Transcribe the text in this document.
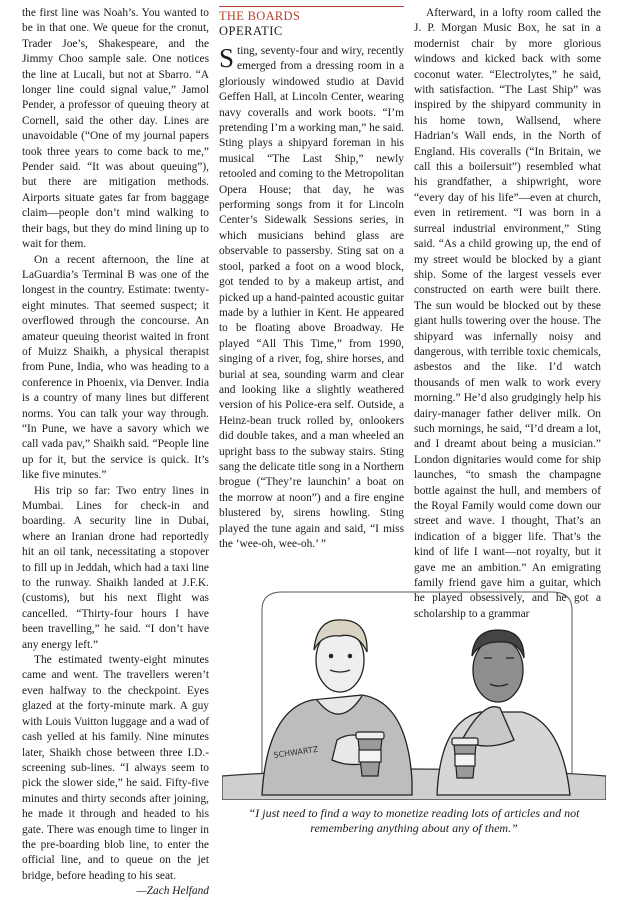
the first line was Noah’s. You wanted to be in that one. We queue for the cronut, Trader Joe’s, Shakespeare, and the Jimmy Choo sample sale. One notices the line at Lucali, but not at Sbarro. “A longer line could signal value,” Jamol Pender, a professor of queuing theory at Cornell, said the other day. Lines are unavoidable (“One of my journal papers took three years to come back to me,” Pender said. “It was about queuing”), but there are mitigation methods. Airports situate gates far from baggage claim—people don’t mind walking to their bags, but they do mind lining up to wait for them.

On a recent afternoon, the line at LaGuardia’s Terminal B was one of the longest in the country. Estimate: twenty-eight minutes. That seemed suspect; it overflowed through the concourse. An amateur queuing theorist waited in front of Muizz Shaikh, a physical therapist from Pune, India, who was heading to a conference in Phoenix, via Denver. India is a country of many lines but different norms. You can talk your way through. “In Pune, we have a savory which we call vada pav,” Shaikh said. “People line up for it, but the service is quick. It’s like five minutes.”

His trip so far: Two entry lines in Mumbai. Lines for check-in and boarding. A security line in Dubai, where an Iranian drone had reportedly hit an oil tank, necessitating a stopover to fill up in Jeddah, which had a taxi line to the runway. Shaikh landed at J.F.K. (customs), but his next flight was cancelled. “Thirty-four hours I have been travelling,” he said. “I don’t have any energy left.”

The estimated twenty-eight minutes came and went. The travellers weren’t even halfway to the checkpoint. Eyes glazed at the forty-minute mark. A guy with Louis Vuitton luggage and a wad of cash yelled at his family. Nine minutes later, Shaikh chose between three I.D.-screening sub-lines. “I always seem to pick the slower side,” he said. Fifty-five minutes and thirty seconds after joining, he made it through and headed to his gate. There was enough time to linger in the pre-boarding blob line, to enter the official line, and to queue on the jet bridge, before heading to his seat.

—Zach Helfand

THE BOARDS
OPERATIC

Sting, seventy-four and wiry, recently emerged from a dressing room in a gloriously windowed studio at David Geffen Hall, at Lincoln Center, wearing navy coveralls and work boots. “I’m pretending I’m a working man,” he said. Sting plays a shipyard foreman in his musical “The Last Ship,” newly retooled and coming to the Metropolitan Opera House; that day, he was performing songs from it for Lincoln Center’s Sidewalk Sessions series, in which musicians behind glass are observable to passersby. Sting sat on a stool, parked a foot on a wood block, got tended to by a makeup artist, and picked up a hand-painted acoustic guitar made by a luthier in Kent. He appeared to be floating above Broadway. He played “All This Time,” from 1990, singing of a river, fog, shire horses, and burial at sea, sounding warm and clear and looking like a slightly weathered version of his Police-era self. Outside, a Heinz-bean truck rolled by, onlookers did double takes, and a man wheeled an upright bass to the subway stairs. Sting sang the delicate title song in a Northern brogue (“They’re launchin’ a boat on the morrow at noon”) and a fire engine blustered by, sirens howling. Sting played the tune again and said, “I miss the ‘wee-oh, wee-oh.’ ”

Afterward, in a lofty room called the J. P. Morgan Music Box, he sat in a modernist chair by more glorious windows and kicked back with some coconut water. “Electrolytes,” he said, with satisfaction. “The Last Ship” was inspired by the shipyard community in his home town, Wallsend, where Hadrian’s Wall ends, in the North of England. His coveralls (“In Britain, we call this a boilersuit”) resembled what his grandfather, a shipwright, wore “every day of his life”—even at church, even in retirement. “I was born in a surreal industrial environment,” Sting said. “As a child growing up, the end of my street would be blocked by a giant ship. Some of the largest vessels ever constructed on earth were built there. The sun would be blocked out by these giant hulls towering over the house. The shipyard was infernally noisy and dangerous, with terrible toxic chemicals, asbestos and the like. I’d watch thousands of men walk to work every morning.” He’d also grudgingly help his dairy-manager father deliver milk. On such mornings, he said, “I’d dream a lot, and I dreamt about being a musician.” London dignitaries would come for ship launches, “to smash the champagne bottle against the hull, and members of the Royal Family would come down our street and wave. I thought, That’s an indication of a bigger life. That’s the kind of life I want—not royalty, but it gave me an ambition.” An emigrating family friend gave him a guitar, which he played obsessively, and he got a scholarship to a grammar

SCHWARTZ
“I just need to find a way to monetize reading lots of articles and not remembering anything about any of them.”
